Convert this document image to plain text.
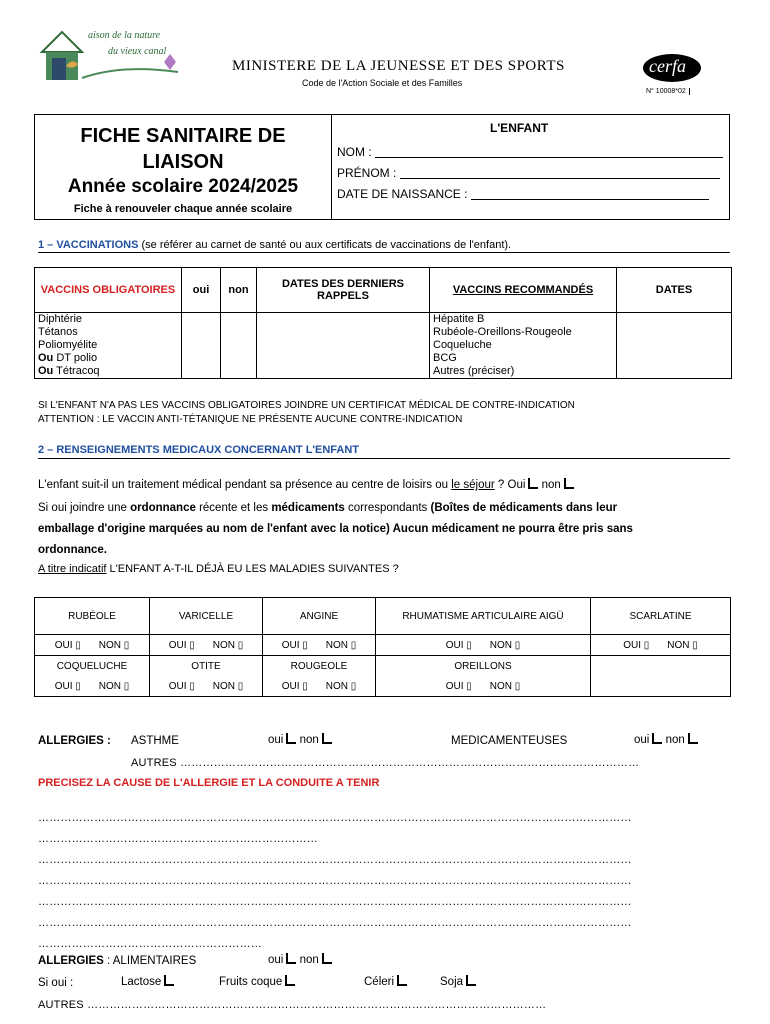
aison de la nature
du vieux canal
MINISTERE DE LA JEUNESSE ET DES SPORTS
Code de l'Action Sociale et des Familles
cerfa
N° 10008*02
FICHE SANITAIRE DE
LIAISON
Année scolaire 2024/2025
Fiche à renouveler chaque année scolaire
L'ENFANT
NOM :
PRÉNOM :
DATE DE NAISSANCE :
1 – VACCINATIONS (se référer au carnet de santé ou aux certificats de vaccinations de l'enfant).
VACCINS OBLIGATOIRES	oui	non	DATES DES DERNIERS RAPPELS	VACCINS RECOMMANDÉS	DATES
Diphtérie				Hépatite B	
Tétanos				Rubéole-Oreillons-Rougeole	
Poliomyélite				Coqueluche	
Ou DT polio				BCG	
Ou Tétracoq				Autres (préciser)	
SI L'ENFANT N'A PAS LES VACCINS OBLIGATOIRES JOINDRE UN CERTIFICAT MÉDICAL DE CONTRE-INDICATION
ATTENTION : LE VACCIN ANTI-TÉTANIQUE NE PRÉSENTE AUCUNE CONTRE-INDICATION
2 – RENSEIGNEMENTS MEDICAUX CONCERNANT L'ENFANT
L'enfant suit-il un traitement médical pendant sa présence au centre de loisirs ou le séjour ? Oui non
Si oui joindre une ordonnance récente et les médicaments correspondants (Boîtes de médicaments dans leur
emballage d'origine marquées au nom de l'enfant avec la notice) Aucun médicament ne pourra être pris sans
ordonnance.
A titre indicatif L'ENFANT A-T-IL DÉJÀ EU LES MALADIES SUIVANTES ?
RUBÉOLE	VARICELLE	ANGINE	RHUMATISME ARTICULAIRE AIGÜ	SCARLATINE
OUI ▯ NON ▯	OUI ▯ NON ▯	OUI ▯ NON ▯	OUI ▯ NON ▯	OUI ▯ NON ▯
COQUELUCHE	OTITE	ROUGEOLE	OREILLONS	
OUI ▯ NON ▯	OUI ▯ NON ▯	OUI ▯ NON ▯	OUI ▯ NON ▯	
ALLERGIES : ASTHME	oui non	MEDICAMENTEUSES	oui non
AUTRES ……………………………………………………………………………………………………………
PRECISEZ LA CAUSE DE L'ALLERGIE ET LA CONDUITE A TENIR
……………………………………………………………………………………………………………………………………………
…………………………………………………………………
……………………………………………………………………………………………………………………………………………
……………………………………………………………………………………………………………………………………………
……………………………………………………………………………………………………………………………………………
……………………………………………………………………………………………………………………………………………
……………………………………………………
ALLERGIES : ALIMENTAIRES	oui non
Si oui :	Lactose	Fruits coque	Céleri	Soja
AUTRES ……………………………………………………………………………………………………………
